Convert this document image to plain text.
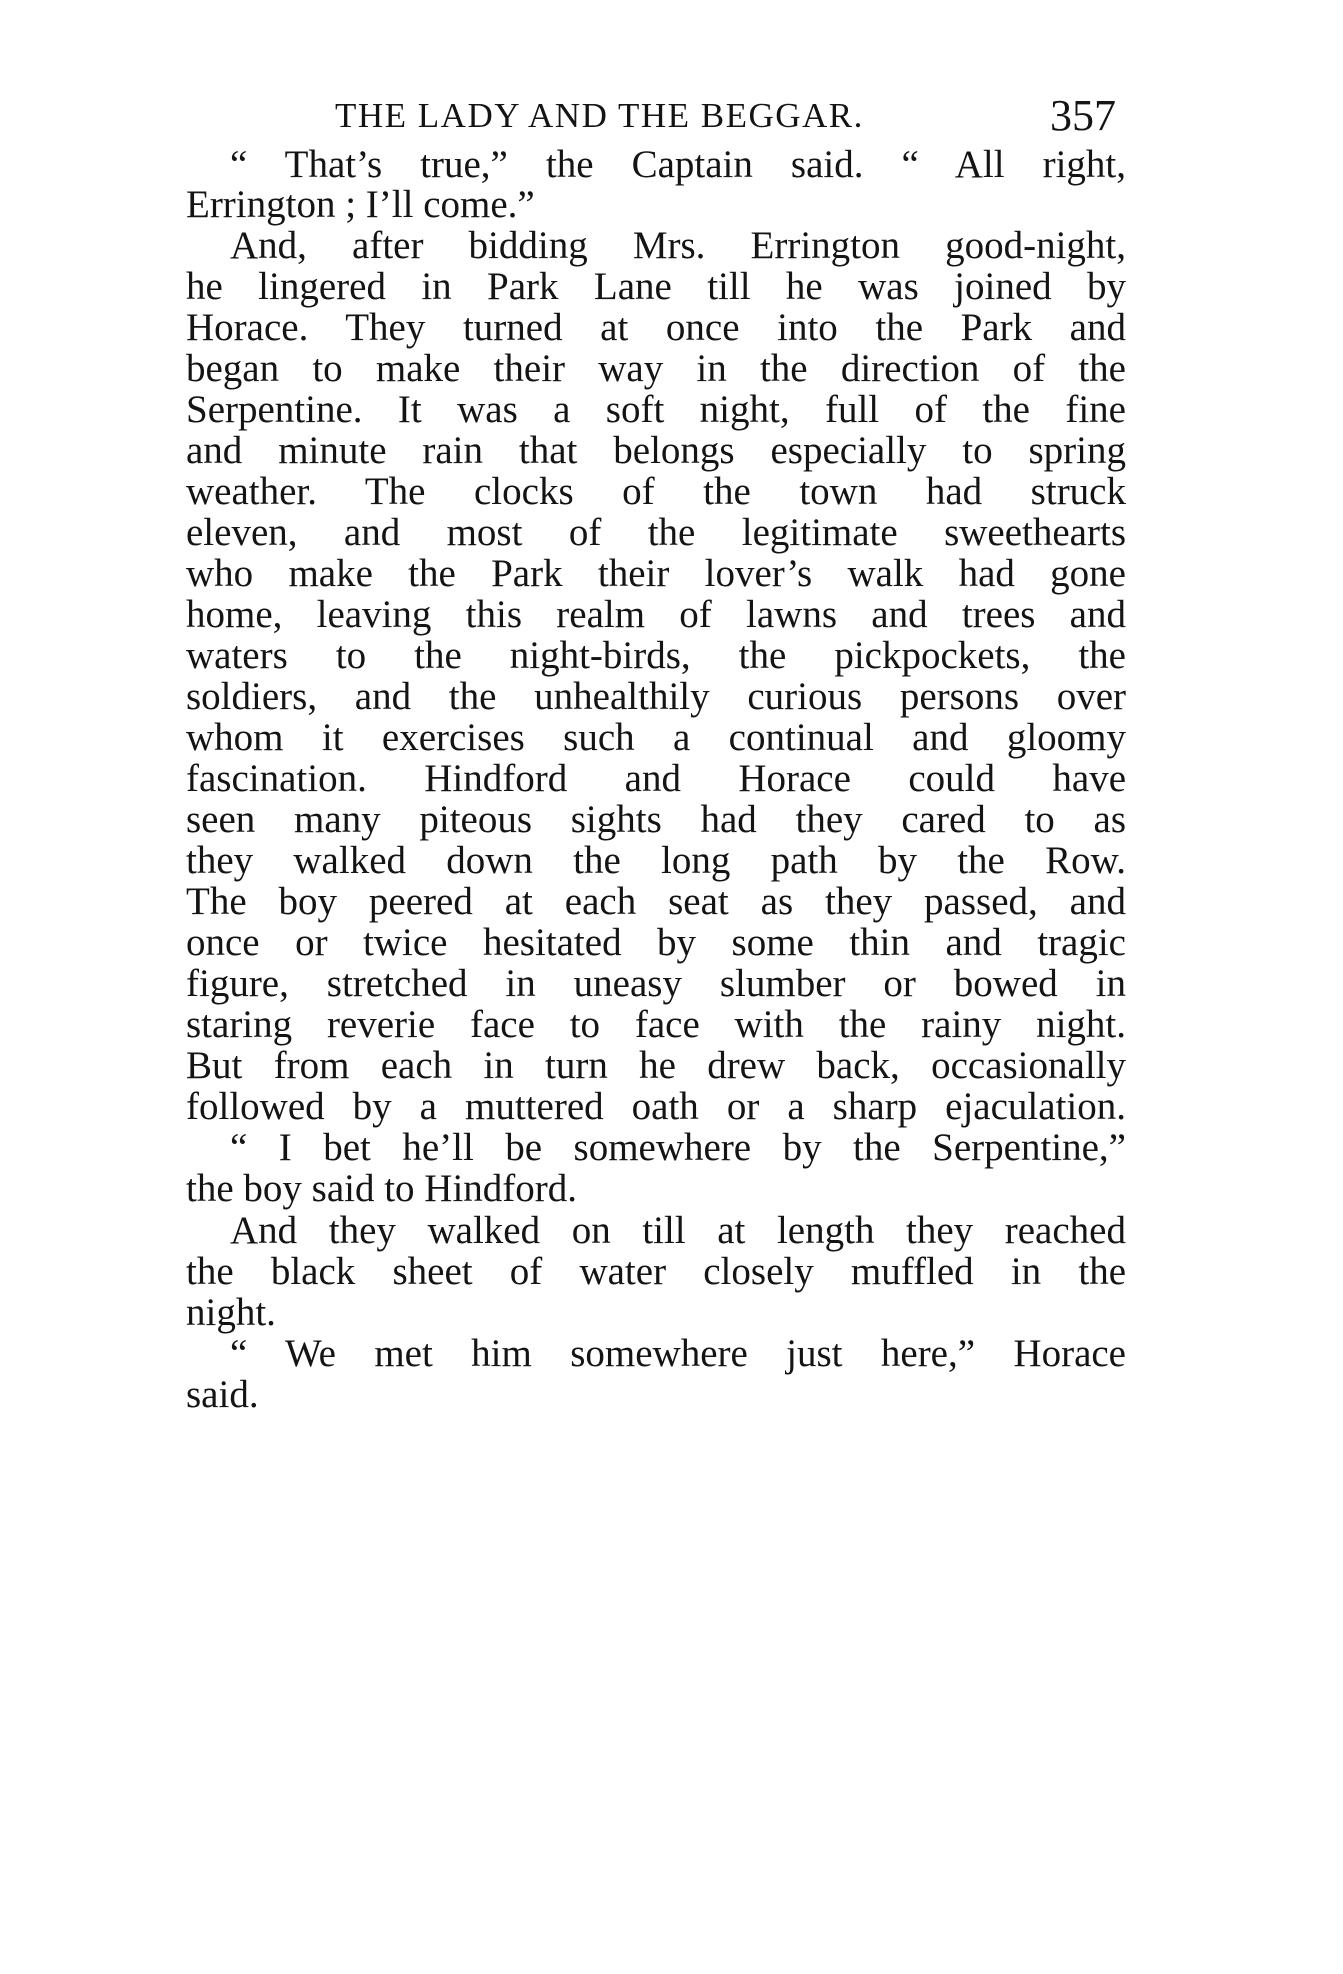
THE LADY AND THE BEGGAR.	357
“ That’s true,” the Captain said. “ All right,
Errington ; I’ll come.”
And, after bidding Mrs. Errington good-night,
he lingered in Park Lane till he was joined by
Horace. They turned at once into the Park and
began to make their way in the direction of the
Serpentine. It was a soft night, full of the fine
and minute rain that belongs especially to spring
weather. The clocks of the town had struck
eleven, and most of the legitimate sweethearts
who make the Park their lover’s walk had gone
home, leaving this realm of lawns and trees and
waters to the night-birds, the pickpockets, the
soldiers, and the unhealthily curious persons over
whom it exercises such a continual and gloomy
fascination. Hindford and Horace could have
seen many piteous sights had they cared to as
they walked down the long path by the Row.
The boy peered at each seat as they passed, and
once or twice hesitated by some thin and tragic
figure, stretched in uneasy slumber or bowed in
staring reverie face to face with the rainy night.
But from each in turn he drew back, occasionally
followed by a muttered oath or a sharp ejaculation.
“ I bet he’ll be somewhere by the Serpentine,”
the boy said to Hindford.
And they walked on till at length they reached
the black sheet of water closely muffled in the
night.
“ We met him somewhere just here,” Horace
said.
